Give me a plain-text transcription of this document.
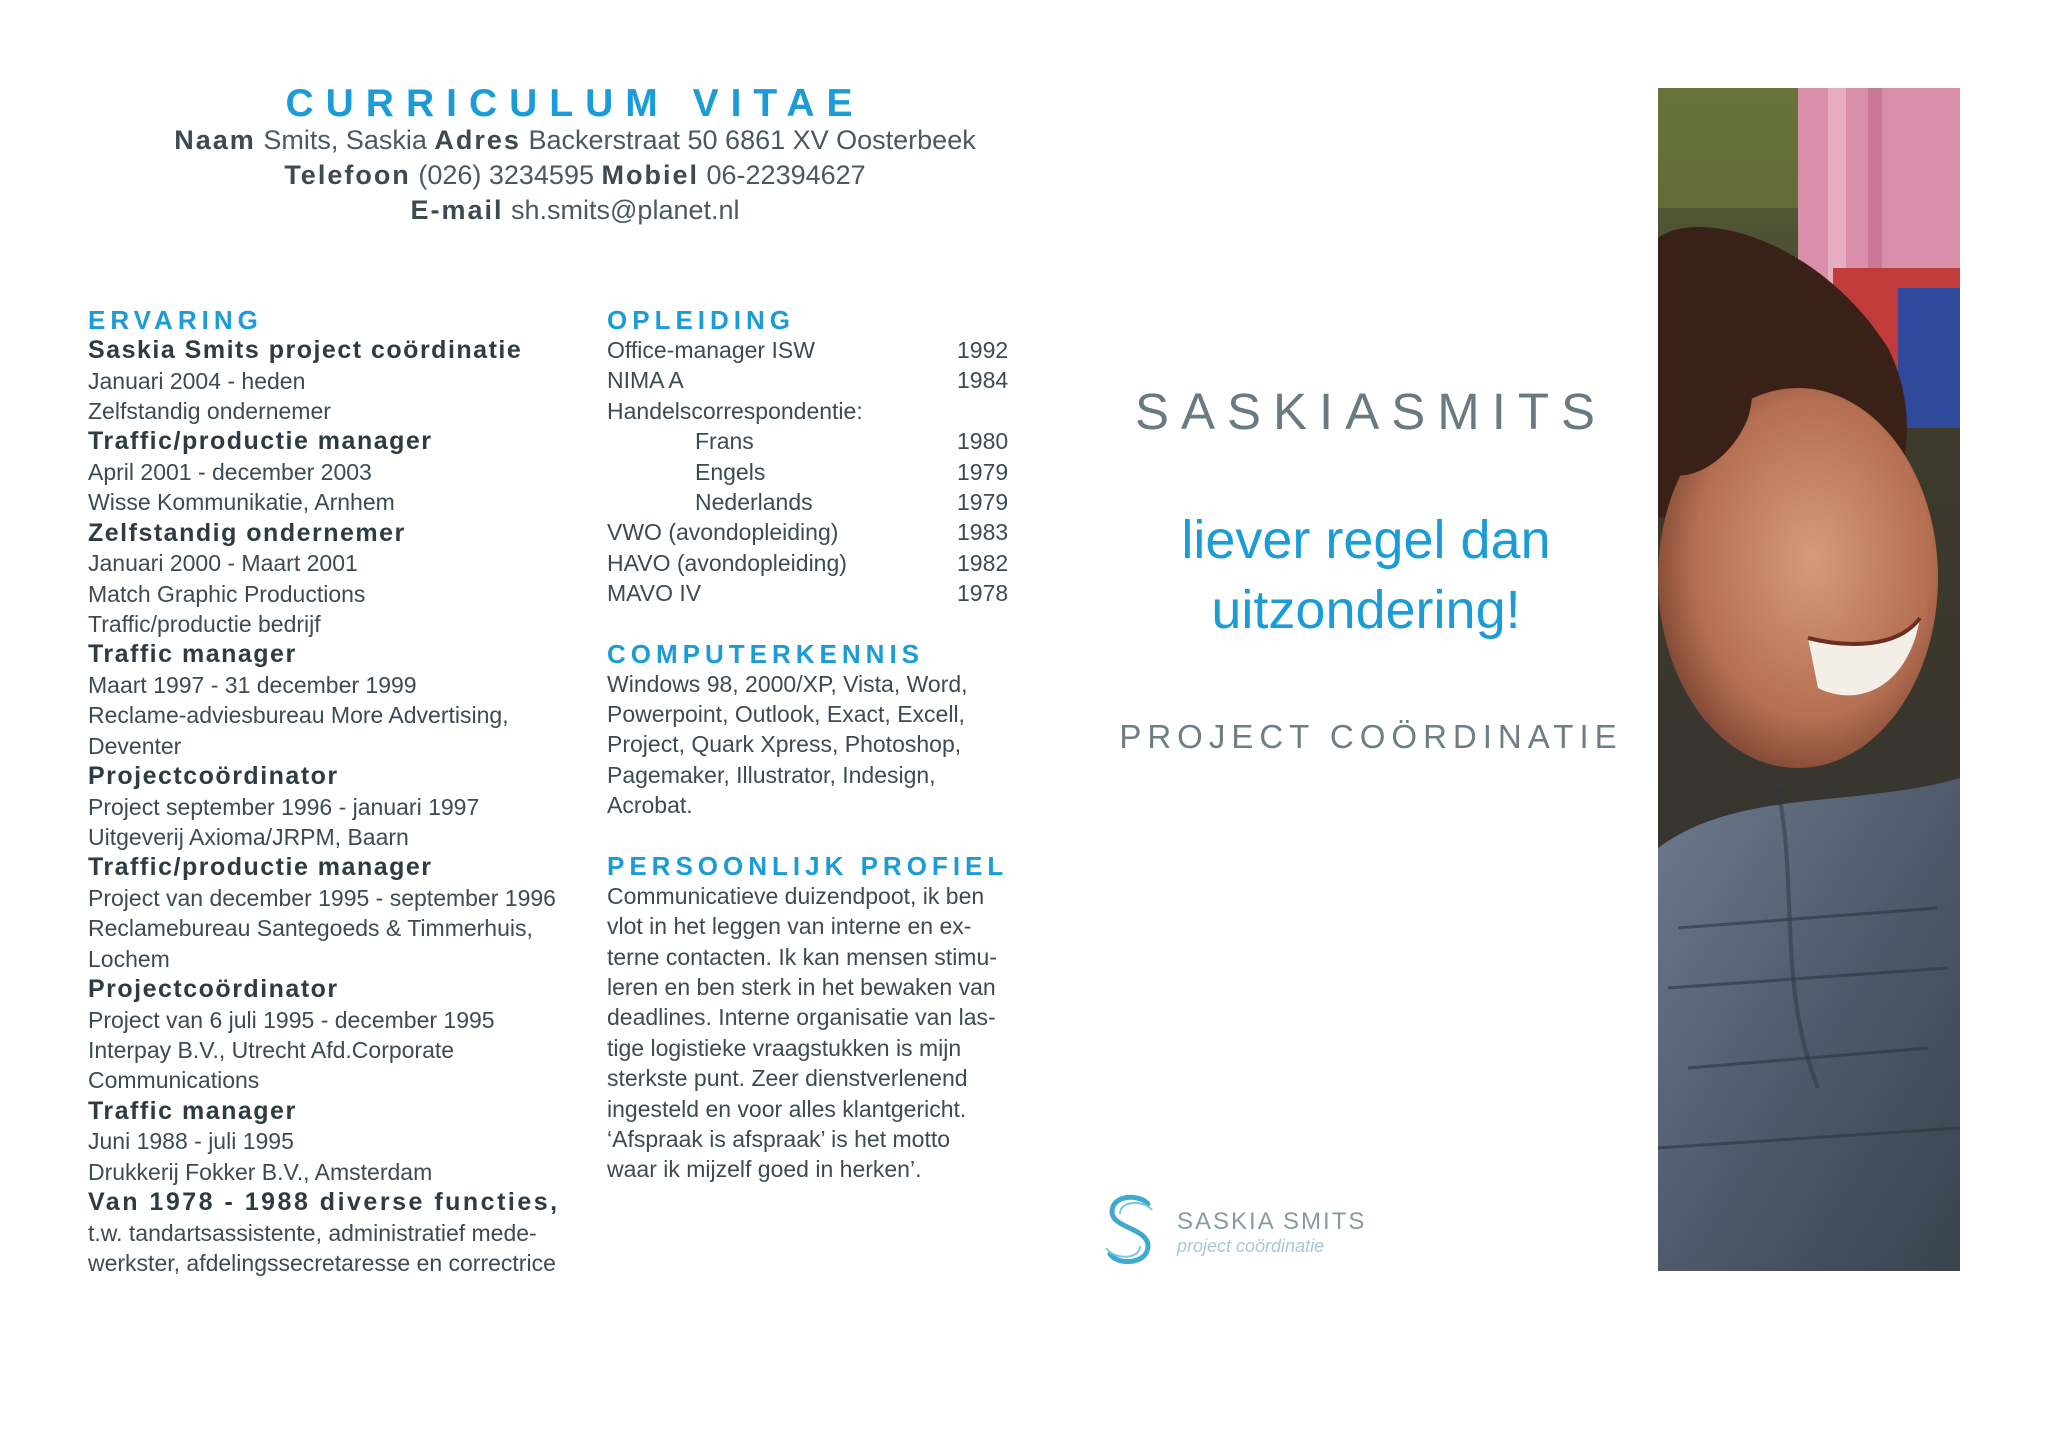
CURRICULUM VITAE
Naam Smits, Saskia Adres Backerstraat 50 6861 XV Oosterbeek
Telefoon (026) 3234595 Mobiel 06-22394627
E-mail sh.smits@planet.nl
ERVARING
Saskia Smits project coördinatie
Januari 2004 - heden
Zelfstandig ondernemer
Traffic/productie manager
April 2001 - december 2003
Wisse Kommunikatie, Arnhem
Zelfstandig ondernemer
Januari 2000 - Maart 2001
Match Graphic Productions
Traffic/productie bedrijf
Traffic manager
Maart 1997 - 31 december 1999
Reclame-adviesbureau More Advertising,
Deventer
Projectcoördinator
Project september 1996 - januari 1997
Uitgeverij Axioma/JRPM, Baarn
Traffic/productie manager
Project van december 1995 - september 1996
Reclamebureau Santegoeds & Timmerhuis,
Lochem
Projectcoördinator
Project van 6 juli 1995 - december 1995
Interpay B.V., Utrecht Afd.Corporate
Communications
Traffic manager
Juni 1988 - juli 1995
Drukkerij Fokker B.V., Amsterdam
Van 1978 - 1988 diverse functies,
t.w. tandartsassistente, administratief mede-
werkster, afdelingssecretaresse en correctrice
OPLEIDING
Office-manager ISW	1992
NIMA A	1984
Handelscorrespondentie:
Frans	1980
Engels	1979
Nederlands	1979
VWO (avondopleiding)	1983
HAVO (avondopleiding)	1982
MAVO IV	1978
COMPUTERKENNIS
Windows 98, 2000/XP, Vista, Word,
Powerpoint, Outlook, Exact, Excell,
Project, Quark Xpress, Photoshop,
Pagemaker, Illustrator, Indesign,
Acrobat.
PERSOONLIJK PROFIEL
Communicatieve duizendpoot, ik ben
vlot in het leggen van interne en ex-
terne contacten. Ik kan mensen stimu-
leren en ben sterk in het bewaken van
deadlines. Interne organisatie van las-
tige logistieke vraagstukken is mijn
sterkste punt. Zeer dienstverlenend
ingesteld en voor alles klantgericht.
‘Afspraak is afspraak’ is het motto
waar ik mijzelf goed in herken’.
SASKIASMITS
liever regel dan
uitzondering!
PROJECT COÖRDINATIE
SASKIA SMITS
project coördinatie
